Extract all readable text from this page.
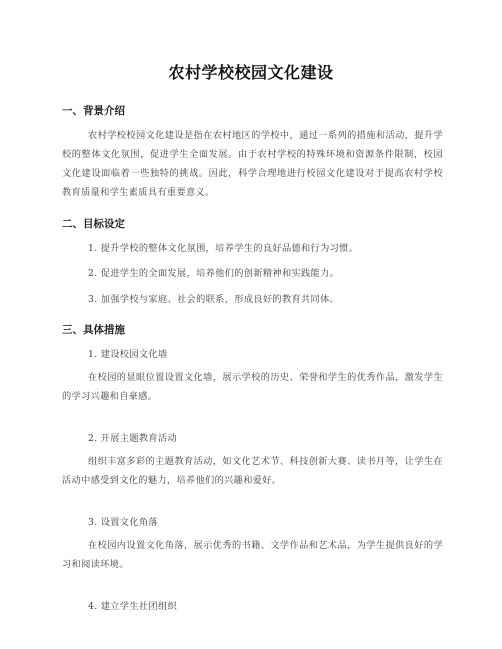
农村学校校园文化建设
一、背景介绍
农村学校校园文化建设是指在农村地区的学校中，通过一系列的措施和活动，提升学校的整体文化氛围，促进学生全面发展。由于农村学校的特殊环境和资源条件限制，校园文化建设面临着一些独特的挑战。因此，科学合理地进行校园文化建设对于提高农村学校教育质量和学生素质具有重要意义。
二、目标设定
1. 提升学校的整体文化氛围，培养学生的良好品德和行为习惯。
2. 促进学生的全面发展，培养他们的创新精神和实践能力。
3. 加强学校与家庭、社会的联系，形成良好的教育共同体。
三、具体措施
1. 建设校园文化墙
在校园的显眼位置设置文化墙，展示学校的历史、荣誉和学生的优秀作品，激发学生的学习兴趣和自豪感。
2. 开展主题教育活动
组织丰富多彩的主题教育活动，如文化艺术节、科技创新大赛、读书月等，让学生在活动中感受到文化的魅力，培养他们的兴趣和爱好。
3. 设置文化角落
在校园内设置文化角落，展示优秀的书籍、文学作品和艺术品，为学生提供良好的学习和阅读环境。
4. 建立学生社团组织
